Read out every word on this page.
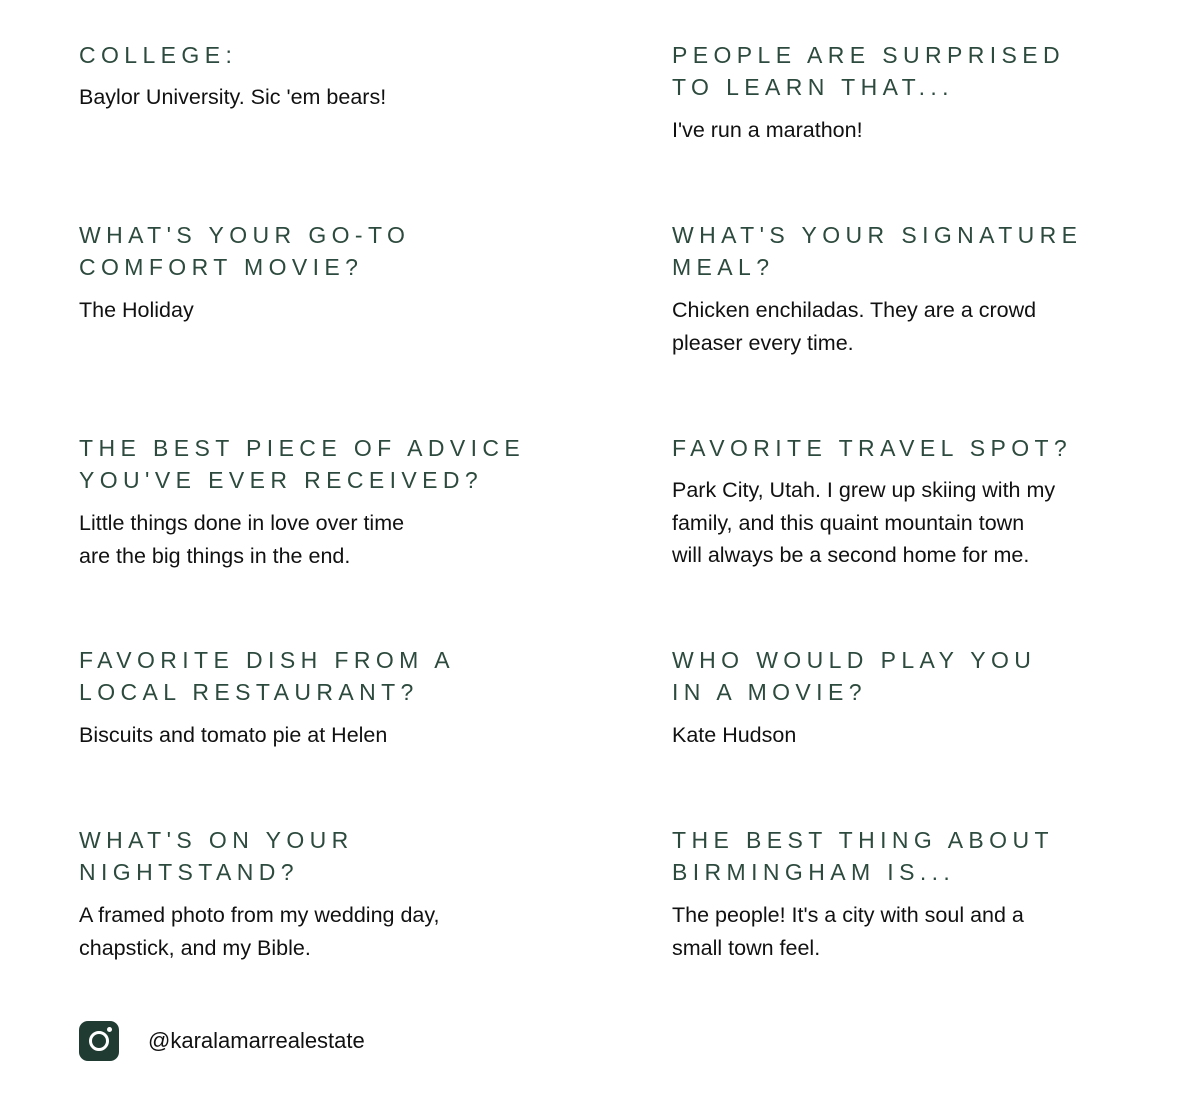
COLLEGE:

Baylor University. Sic 'em bears!

PEOPLE ARE SURPRISED
TO LEARN THAT...

I've run a marathon!

WHAT'S YOUR GO-TO
COMFORT MOVIE?

The Holiday

WHAT'S YOUR SIGNATURE
MEAL?

Chicken enchiladas. They are a crowd
pleaser every time.

THE BEST PIECE OF ADVICE
YOU'VE EVER RECEIVED?

Little things done in love over time
are the big things in the end.

FAVORITE TRAVEL SPOT?

Park City, Utah. I grew up skiing with my
family, and this quaint mountain town
will always be a second home for me.

FAVORITE DISH FROM A
LOCAL RESTAURANT?

Biscuits and tomato pie at Helen

WHO WOULD PLAY YOU
IN A MOVIE?

Kate Hudson

WHAT'S ON YOUR
NIGHTSTAND?

A framed photo from my wedding day,
chapstick, and my Bible.

THE BEST THING ABOUT
BIRMINGHAM IS...

The people! It's a city with soul and a
small town feel.

@karalamarrealestate
